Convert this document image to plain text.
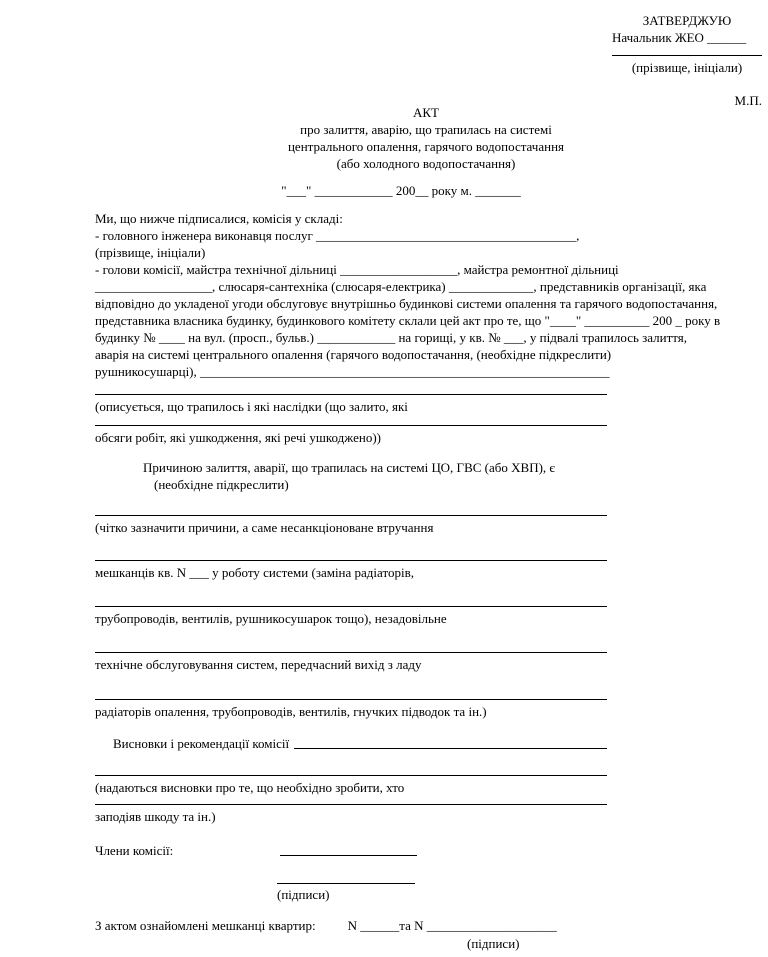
ЗАТВЕРДЖУЮ
Начальник ЖЕО ______
(прізвище, ініціали)
М.П.
АКТ
про залиття, аварію, що трапилась на системі
центрального опалення, гарячого водопостачання
(або холодного водопостачання)
"___" ____________ 200__ року м. _______
Ми, що нижче підписалися, комісія у складі:
- головного інженера виконавця послуг ________________________________________,
(прізвище, ініціали)
- голови комісії, майстра технічної дільниці __________________, майстра ремонтної дільниці
__________________, слюсаря-сантехніка (слюсаря-електрика) _____________, представників організації, яка
відповідно до укладеної угоди обслуговує внутрішньо будинкові системи опалення та гарячого водопостачання,
представника власника будинку, будинкового комітету склали цей акт про те, що "____" __________ 200 _ року в
будинку № ____ на вул. (просп., бульв.) ____________ на горищі, у кв. № ___, у підвалі трапилось залиття,
аварія на системі центрального опалення (гарячого водопостачання, (необхідне підкреслити)
рушникосушарці), _______________________________________________________________
(описується, що трапилось і які наслідки (що залито, які
обсяги робіт, які ушкодження, які речі ушкоджено))
Причиною залиття, аварії, що трапилась на системі ЦО, ГВС (або ХВП), є
(необхідне підкреслити)
(чітко зазначити причини, а саме несанкціоноване втручання
мешканців кв. N ___ у роботу системи (заміна радіаторів,
трубопроводів, вентилів, рушникосушарок тощо), незадовільне
технічне обслуговування систем, передчасний вихід з ладу
радіаторів опалення, трубопроводів, вентилів, гнучких підводок та ін.)
Висновки і рекомендації комісії
(надаються висновки про те, що необхідно зробити, хто
заподіяв шкоду та ін.)
Члени комісії:
(підписи)
З актом ознайомлені мешканці квартир: N ______та N ____________________
(підписи)
